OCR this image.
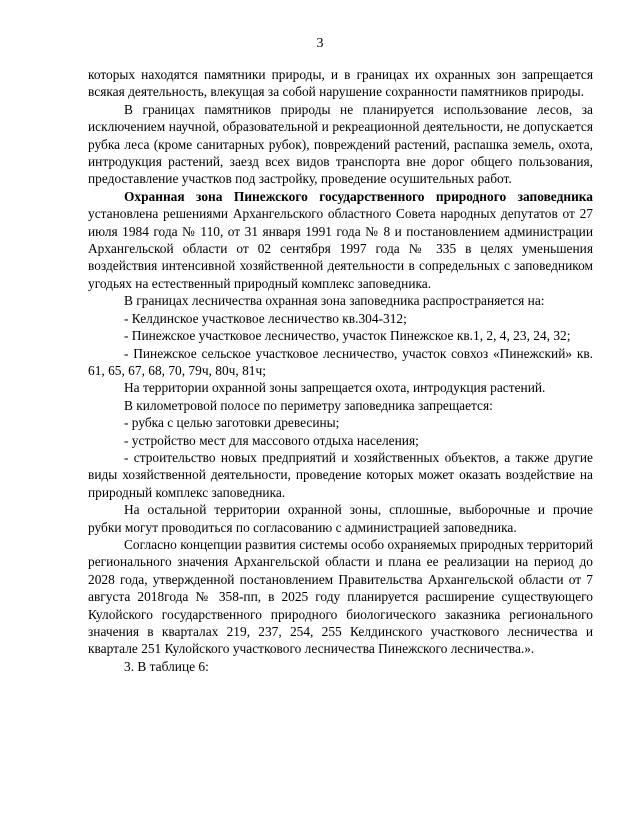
3

которых находятся памятники природы, и в границах их охранных зон запрещается всякая деятельность, влекущая за собой нарушение сохранности памятников природы.

В границах памятников природы не планируется использование лесов, за исключением научной, образовательной и рекреационной деятельности, не допускается рубка леса (кроме санитарных рубок), повреждений растений, распашка земель, охота, интродукция растений, заезд всех видов транспорта вне дорог общего пользования, предоставление участков под застройку, проведение осушительных работ.

Охранная зона Пинежского государственного природного заповедника установлена решениями Архангельского областного Совета народных депутатов от 27 июля 1984 года № 110, от 31 января 1991 года № 8 и постановлением администрации Архангельской области от 02 сентября 1997 года № 335 в целях уменьшения воздействия интенсивной хозяйственной деятельности в сопредельных с заповедником угодьях на естественный природный комплекс заповедника.

В границах лесничества охранная зона заповедника распространяется на:

- Келдинское участковое лесничество кв.304-312;

- Пинежское участковое лесничество, участок Пинежское кв.1, 2, 4, 23, 24, 32;

- Пинежское сельское участковое лесничество, участок совхоз «Пинежский» кв. 61, 65, 67, 68, 70, 79ч, 80ч, 81ч;

На территории охранной зоны запрещается охота, интродукция растений.

В километровой полосе по периметру заповедника запрещается:

- рубка с целью заготовки древесины;

- устройство мест для массового отдыха населения;

- строительство новых предприятий и хозяйственных объектов, а также другие виды хозяйственной деятельности, проведение которых может оказать воздействие на природный комплекс заповедника.

На остальной территории охранной зоны, сплошные, выборочные и прочие рубки могут проводиться по согласованию с администрацией заповедника.

Согласно концепции развития системы особо охраняемых природных территорий регионального значения Архангельской области и плана ее реализации на период до 2028 года, утвержденной постановлением Правительства Архангельской области от 7 августа 2018года № 358-пп, в 2025 году планируется расширение существующего Кулойского государственного природного биологического заказника регионального значения в кварталах 219, 237, 254, 255 Келдинского участкового лесничества и квартале 251 Кулойского участкового лесничества Пинежского лесничества.».

3. В таблице 6:
